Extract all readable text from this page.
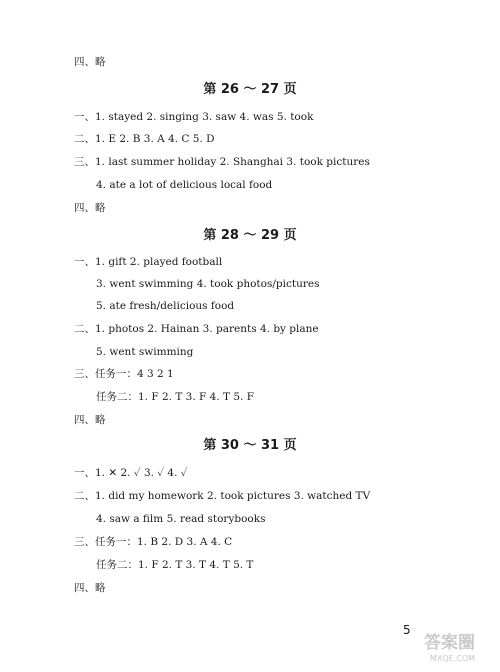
四、略
第 26 ～ 27 页
一、1. stayed 2. singing 3. saw 4. was 5. took
二、1. E 2. B 3. A 4. C 5. D
三、1. last summer holiday 2. Shanghai 3. took pictures
4. ate a lot of delicious local food
四、略
第 28 ～ 29 页
一、1. gift 2. played football
3. went swimming 4. took photos/pictures
5. ate fresh/delicious food
二、1. photos 2. Hainan 3. parents 4. by plane
5. went swimming
三、任务一：4 3 2 1
任务二：1. F 2. T 3. F 4. T 5. F
四、略
第 30 ～ 31 页
一、1. ✕ 2. ✓ 3. ✓ 4. ✓
二、1. did my homework 2. took pictures 3. watched TV
4. saw a film 5. read storybooks
三、任务一：1. B 2. D 3. A 4. C
任务二：1. F 2. T 3. T 4. T 5. T
四、略
5
答案圈
MXQE.COM
